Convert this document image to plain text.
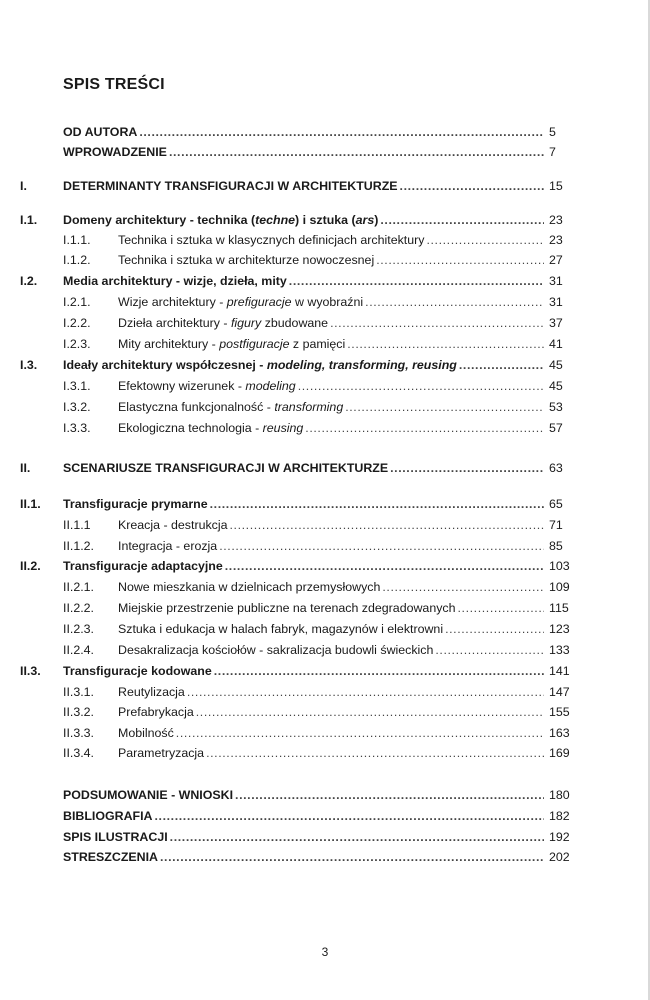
SPIS TREŚCI
OD AUTORA .....	5
WPROWADZENIE .....	7
I.	DETERMINANTY TRANSFIGURACJI W ARCHITEKTURZE .....	15
I.1. Domeny architektury - technika (techne) i sztuka (ars) .....	23
I.1.1. Technika i sztuka w klasycznych definicjach architektury .....	23
I.1.2. Technika i sztuka w architekturze nowoczesnej .....	27
I.2. Media architektury - wizje, dzieła, mity .....	31
I.2.1. Wizje architektury - prefiguracje w wyobraźni .....	31
I.2.2. Dzieła architektury - figury zbudowane .....	37
I.2.3. Mity architektury - postfiguracje z pamięci .....	41
I.3. Ideały architektury współczesnej - modeling, transforming, reusing .....	45
I.3.1. Efektowny wizerunek - modeling .....	45
I.3.2. Elastyczna funkcjonalność - transforming .....	53
I.3.3. Ekologiczna technologia - reusing .....	57
II.	SCENARIUSZE TRANSFIGURACJI W ARCHITEKTURZE .....	63
II.1. Transfiguracje prymarne .....	65
II.1.1 Kreacja - destrukcja .....	71
II.1.2. Integracja - erozja .....	85
II.2. Transfiguracje adaptacyjne .....	103
II.2.1. Nowe mieszkania w dzielnicach przemysłowych .....	109
II.2.2. Miejskie przestrzenie publiczne na terenach zdegradowanych .....	115
II.2.3. Sztuka i edukacja w halach fabryk, magazynów i elektrowni .....	123
II.2.4. Desakralizacja kościołów - sakralizacja budowli świeckich .....	133
II.3. Transfiguracje kodowane .....	141
II.3.1. Reutylizacja .....	147
II.3.2. Prefabrykacja .....	155
II.3.3. Mobilność .....	163
II.3.4. Parametryzacja .....	169
PODSUMOWANIE - WNIOSKI .....	180
BIBLIOGRAFIA .....	182
SPIS ILUSTRACJI .....	192
STRESZCZENIA .....	202
3
